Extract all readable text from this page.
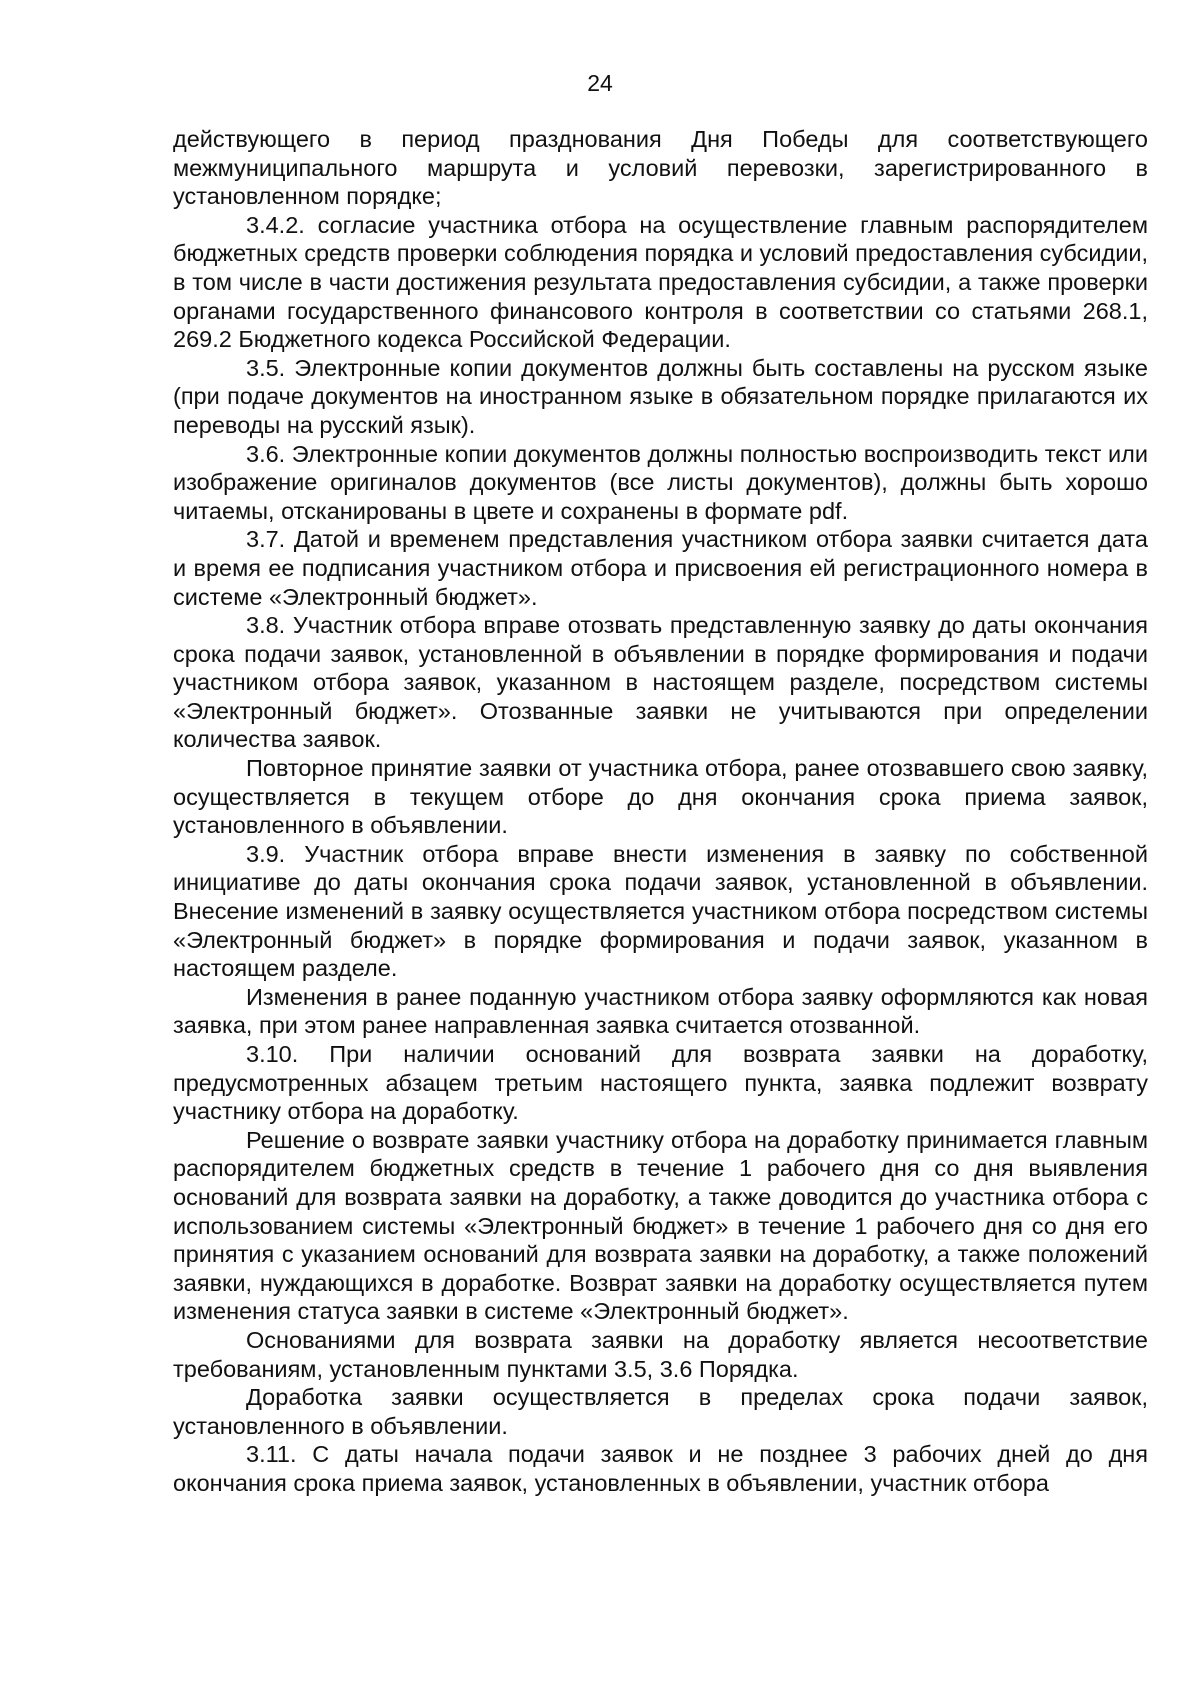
24

действующего в период празднования Дня Победы для соответствующего межмуниципального маршрута и условий перевозки, зарегистрированного в установленном порядке;

3.4.2. согласие участника отбора на осуществление главным распорядителем бюджетных средств проверки соблюдения порядка и условий предоставления субсидии, в том числе в части достижения результата предоставления субсидии, а также проверки органами государственного финансового контроля в соответствии со статьями 268.1, 269.2 Бюджетного кодекса Российской Федерации.

3.5. Электронные копии документов должны быть составлены на русском языке (при подаче документов на иностранном языке в обязательном порядке прилагаются их переводы на русский язык).

3.6. Электронные копии документов должны полностью воспроизводить текст или изображение оригиналов документов (все листы документов), должны быть хорошо читаемы, отсканированы в цвете и сохранены в формате pdf.

3.7. Датой и временем представления участником отбора заявки считается дата и время ее подписания участником отбора и присвоения ей регистрационного номера в системе «Электронный бюджет».

3.8. Участник отбора вправе отозвать представленную заявку до даты окончания срока подачи заявок, установленной в объявлении в порядке формирования и подачи участником отбора заявок, указанном в настоящем разделе, посредством системы «Электронный бюджет». Отозванные заявки не учитываются при определении количества заявок.

Повторное принятие заявки от участника отбора, ранее отозвавшего свою заявку, осуществляется в текущем отборе до дня окончания срока приема заявок, установленного в объявлении.

3.9. Участник отбора вправе внести изменения в заявку по собственной инициативе до даты окончания срока подачи заявок, установленной в объявлении. Внесение изменений в заявку осуществляется участником отбора посредством системы «Электронный бюджет» в порядке формирования и подачи заявок, указанном в настоящем разделе.

Изменения в ранее поданную участником отбора заявку оформляются как новая заявка, при этом ранее направленная заявка считается отозванной.

3.10. При наличии оснований для возврата заявки на доработку, предусмотренных абзацем третьим настоящего пункта, заявка подлежит возврату участнику отбора на доработку.

Решение о возврате заявки участнику отбора на доработку принимается главным распорядителем бюджетных средств в течение 1 рабочего дня со дня выявления оснований для возврата заявки на доработку, а также доводится до участника отбора с использованием системы «Электронный бюджет» в течение 1 рабочего дня со дня его принятия с указанием оснований для возврата заявки на доработку, а также положений заявки, нуждающихся в доработке. Возврат заявки на доработку осуществляется путем изменения статуса заявки в системе «Электронный бюджет».

Основаниями для возврата заявки на доработку является несоответствие требованиям, установленным пунктами 3.5, 3.6 Порядка.

Доработка заявки осуществляется в пределах срока подачи заявок, установленного в объявлении.

3.11. С даты начала подачи заявок и не позднее 3 рабочих дней до дня окончания срока приема заявок, установленных в объявлении, участник отбора
